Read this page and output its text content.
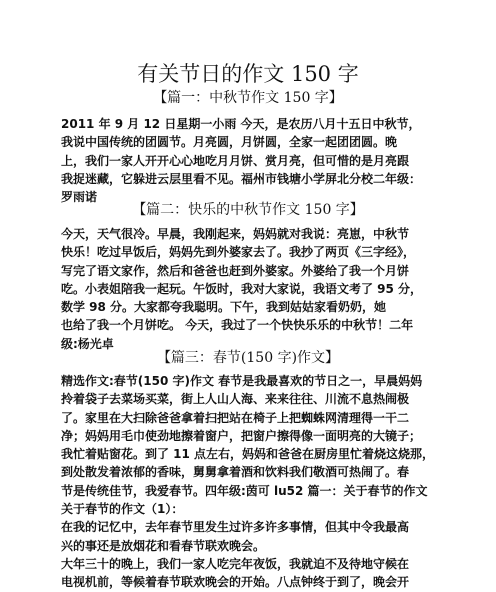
有关节日的作文 150 字
【篇一：中秋节作文 150 字】
2011 年 9 月 12 日星期一小雨 今天，是农历八月十五日中秋节，
我说中国传统的团圆节。月亮圆，月饼圆，全家一起团团圆。晚
上，我们一家人开开心心地吃月月饼、赏月亮，但可惜的是月亮跟
我捉迷藏，它躲进云层里看不见。福州市钱塘小学屏北分校二年级：
罗雨诺
【篇二：快乐的中秋节作文 150 字】
今天，天气很冷。早晨，我刚起来，妈妈就对我说：亮崽，中秋节
快乐！吃过早饭后，妈妈先到外婆家去了。我抄了两页《三字经》，
写完了语文家作，然后和爸爸也赶到外婆家。外婆给了我一个月饼
吃。小表姐陪我一起玩。午饭时，我对大家说，我语文考了 95 分，
数学 98 分。大家都夸我聪明。下午，我到姑姑家看奶奶，她
也给了我一个月饼吃。 今天，我过了一个快快乐乐的中秋节！二年
级:杨光卓
【篇三：春节(150 字)作文】
精选作文:春节(150 字)作文 春节是我最喜欢的节日之一，早晨妈妈
拎着袋子去菜场买菜，街上人山人海、来来往往、川流不息热闹极
了。家里在大扫除爸爸拿着扫把站在椅子上把蜘蛛网清理得一干二
净；妈妈用毛巾使劲地擦着窗户，把窗户擦得像一面明亮的大镜子；
我忙着贴窗花。到了 11 点左右，妈妈和爸爸在厨房里忙着烧这烧那，
到处散发着浓郁的香味，舅舅拿着酒和饮料我们敬酒可热闹了。春
节是传统佳节，我爱春节。四年级:茵可 lu52 篇一：关于春节的作文
关于春节的作文（1）：
在我的记忆中，去年春节里发生过许多许多事情，但其中令我最高
兴的事还是放烟花和看春节联欢晚会。
大年三十的晚上，我们一家人吃完年夜饭，我就迫不及待地守候在
电视机前，等候着春节联欢晚会的开始。八点钟终于到了，晚会开
